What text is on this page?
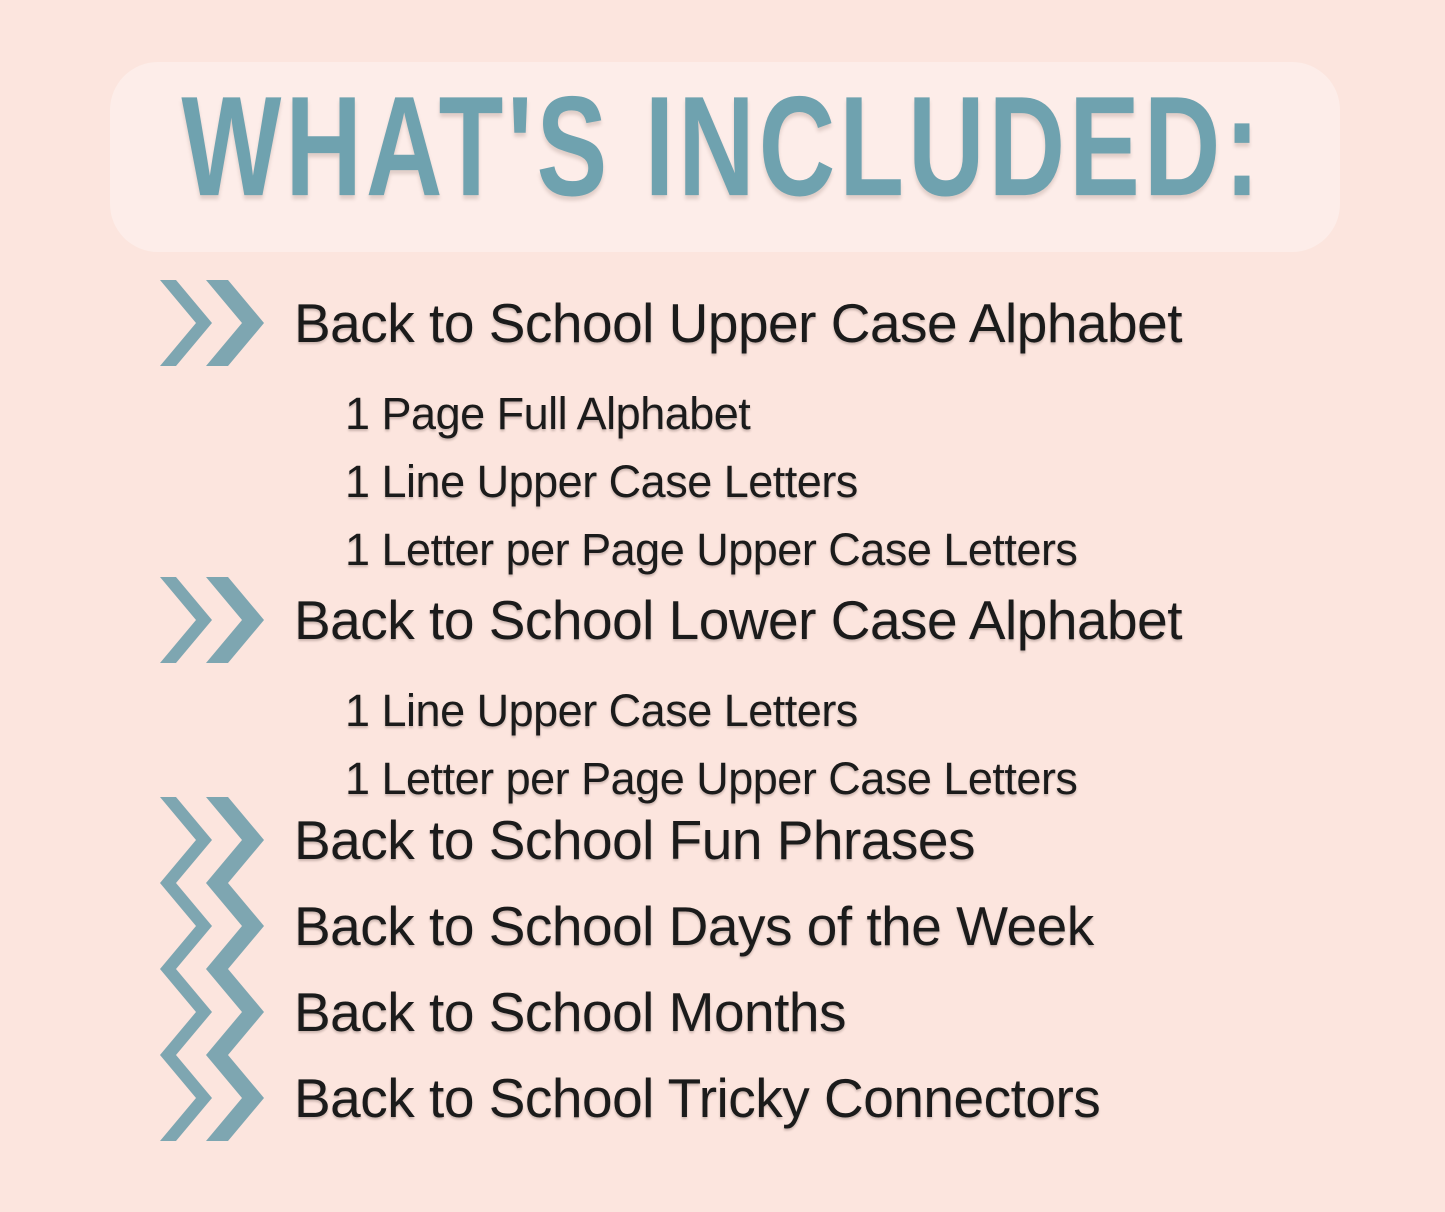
WHAT'S INCLUDED:
Back to School Upper Case Alphabet
1 Page Full Alphabet
1 Line Upper Case Letters
1 Letter per Page Upper Case Letters
Back to School Lower Case Alphabet
1 Line Upper Case Letters
1 Letter per Page Upper Case Letters
Back to School Fun Phrases
Back to School Days of the Week
Back to School Months
Back to School Tricky Connectors
